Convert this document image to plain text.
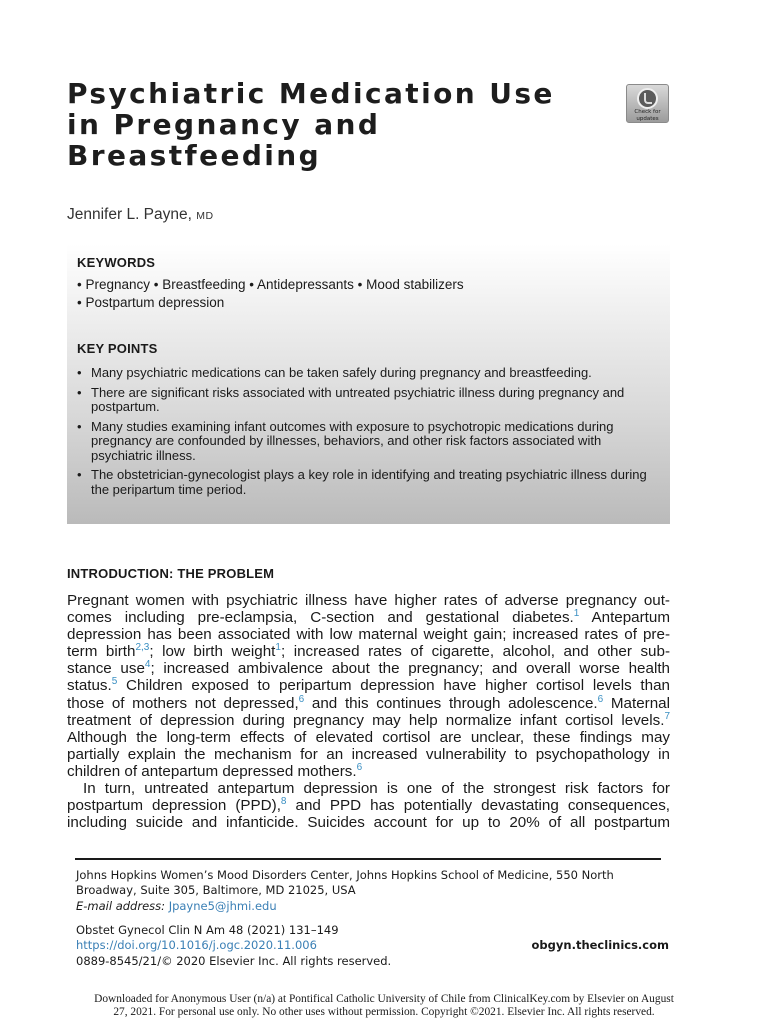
Psychiatric Medication Use
in Pregnancy and
Breastfeeding
Check for
updates
Jennifer L. Payne, MD
KEYWORDS
• Pregnancy • Breastfeeding • Antidepressants • Mood stabilizers
• Postpartum depression
KEY POINTS
• Many psychiatric medications can be taken safely during pregnancy and breastfeeding.
• There are significant risks associated with untreated psychiatric illness during pregnancy and postpartum.
• Many studies examining infant outcomes with exposure to psychotropic medications during pregnancy are confounded by illnesses, behaviors, and other risk factors associated with psychiatric illness.
• The obstetrician-gynecologist plays a key role in identifying and treating psychiatric illness during the peripartum time period.
INTRODUCTION: THE PROBLEM

Pregnant women with psychiatric illness have higher rates of adverse pregnancy out-
comes including pre-eclampsia, C-section and gestational diabetes.$^1$ Antepartum
depression has been associated with low maternal weight gain; increased rates of pre-
term birth$^{2,3}$; low birth weight$^1$; increased rates of cigarette, alcohol, and other sub-
stance use$^4$; increased ambivalence about the pregnancy; and overall worse health
status.$^5$ Children exposed to peripartum depression have higher cortisol levels than
those of mothers not depressed,$^6$ and this continues through adolescence.$^6$ Maternal
treatment of depression during pregnancy may help normalize infant cortisol levels.$^7$
Although the long-term effects of elevated cortisol are unclear, these findings may
partially explain the mechanism for an increased vulnerability to psychopathology in
children of antepartum depressed mothers.$^6$

In turn, untreated antepartum depression is one of the strongest risk factors for
postpartum depression (PPD),$^8$ and PPD has potentially devastating consequences,
including suicide and infanticide. Suicides account for up to 20% of all postpartum

Johns Hopkins Women’s Mood Disorders Center, Johns Hopkins School of Medicine, 550 North
Broadway, Suite 305, Baltimore, MD 21025, USA
E-mail address: Jpayne5@jhmi.edu
Obstet Gynecol Clin N Am 48 (2021) 131–149
https://doi.org/10.1016/j.ogc.2020.11.006
0889-8545/21/© 2020 Elsevier Inc. All rights reserved.
obgyn.theclinics.com
Downloaded for Anonymous User (n/a) at Pontifical Catholic University of Chile from ClinicalKey.com by Elsevier on August
27, 2021. For personal use only. No other uses without permission. Copyright ©2021. Elsevier Inc. All rights reserved.
